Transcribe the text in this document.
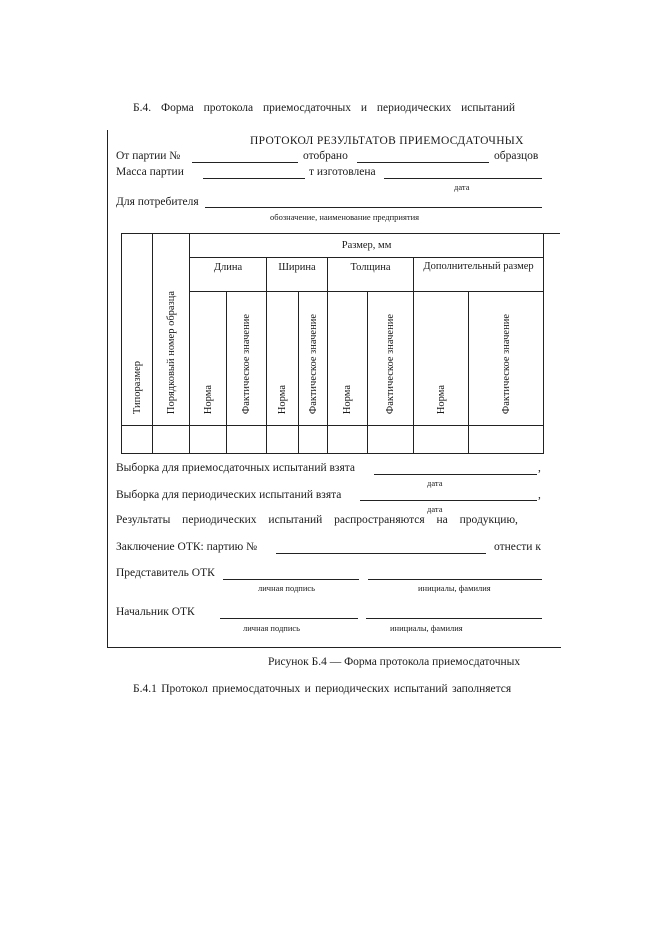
Б.4. Форма протокола приемосдаточных и периодических испытаний
ПРОТОКОЛ РЕЗУЛЬТАТОВ ПРИЕМОСДАТОЧНЫХ
От партии №	отобрано	образцов
Масса партии	т изготовлена
дата
Для потребителя
обозначение, наименование предприятия
Типоразмер	Порядковый номер образца	Размер, мм							
		Длина		Ширина		Толщина		Дополнительный размер	
		Норма	Фактическое значение	Норма	Фактическое значение	Норма	Фактическое значение	Норма	Фактическое значение

Выборка для приемосдаточных испытаний взята	,
дата
Выборка для периодических испытаний взята	,
дата
Результаты периодических испытаний распространяются на продукцию,
Заключение ОТК: партию №	отнести к
Представитель ОТК
личная подпись	инициалы, фамилия
Начальник ОТК
личная подпись	инициалы, фамилия
Рисунок Б.4 — Форма протокола приемосдаточных
Б.4.1 Протокол приемосдаточных и периодических испытаний заполняется
